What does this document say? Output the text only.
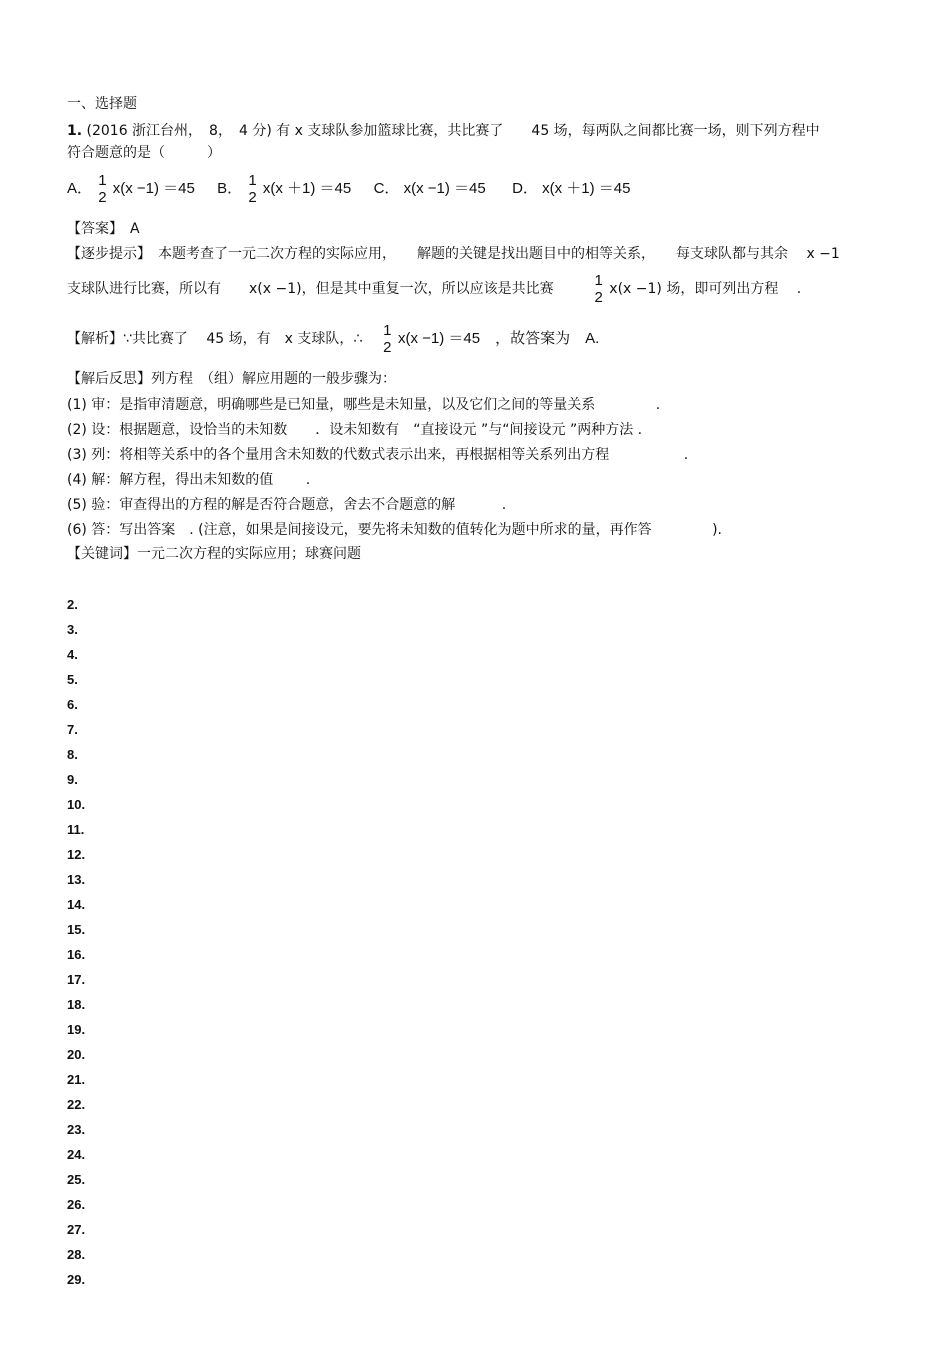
一、选择题
1. (2016 浙江台州，　8，　4 分) 有 x 支球队参加篮球比赛，共比赛了　　45 场，每两队之间都比赛一场，则下列方程中
符合题意的是（　　　）
A． 1
2
x(x −1) ＝45 B． 1
2
x(x ＋1) ＝45 C． x(x −1) ＝45 D． x(x ＋1) ＝45
【答案】　A
【逐步提示】　本题考查了一元二次方程的实际应用，　　解题的关键是找出题目中的相等关系，　　每支球队都与其余　 x −1
支球队进行比赛，所以有　　x(x −1)，但是其中重复一次，所以应该是共比赛	1
2 x(x −1) 场，即可列出方程　 .
【解析】∵共比赛了　 45 场，有　x 支球队，∴ 1
2
x(x −1) ＝45　，故答案为　A.
【解后反思】列方程　（组）解应用题的一般步骤为：
(1) 审：是指审清题意，明确哪些是已知量，哪些是未知量，以及它们之间的等量关系　　　　 .
(2) 设：根据题意，设恰当的未知数　　．设未知数有　“直接设元 ”与“间接设元 ”两种方法 .
(3) 列：将相等关系中的各个量用含未知数的代数式表示出来，再根据相等关系列出方程　　　　　 .
(4) 解：解方程，得出未知数的值　　 .
(5) 验：审查得出的方程的解是否符合题意，舍去不合题意的解　　　 .
(6) 答：写出答案　. (注意，如果是间接设元，要先将未知数的值转化为题中所求的量，再作答　　　　 ).
【关键词】一元二次方程的实际应用；球赛问题
2.
3.
4.
5.
6.
7.
8.
9.
10.
11.
12.
13.
14.
15.
16.
17.
18.
19.
20.
21.
22.
23.
24.
25.
26.
27.
28.
29.
